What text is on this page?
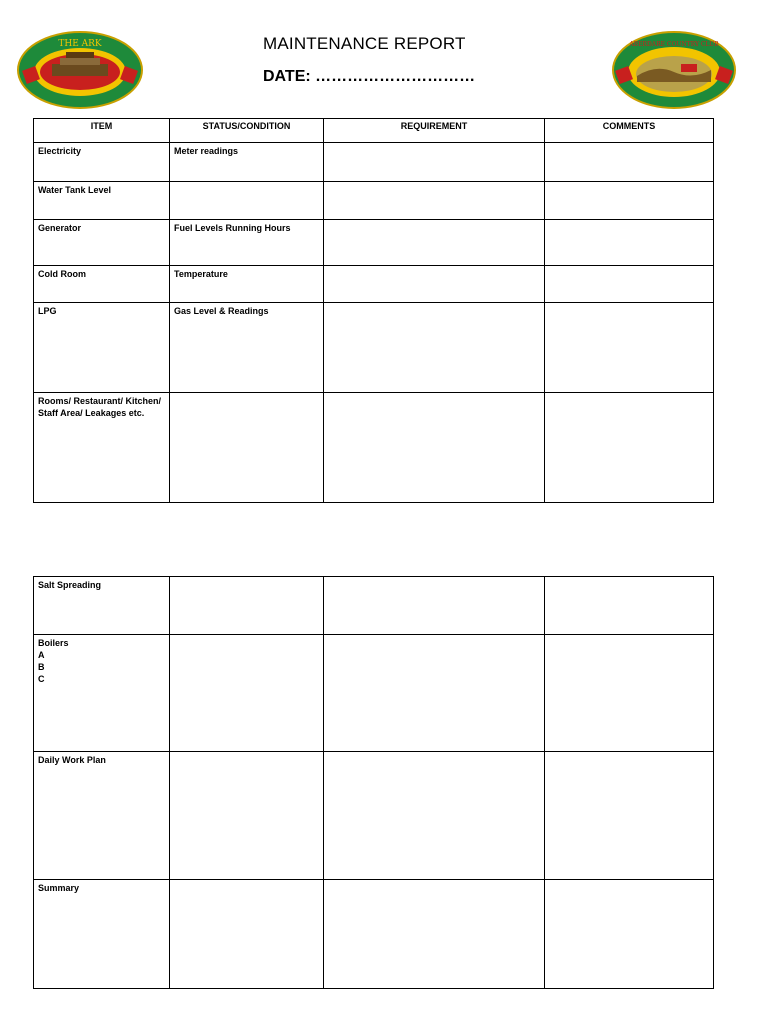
THE ARK	MAINTENANCE REPORT
DATE: …………………………
ABERDARE COUNTRY CLUB
ITEM	STATUS/CONDITION	REQUIREMENT	COMMENTS
Electricity	Meter readings		
Water Tank Level			
Generator	Fuel Levels Running Hours		
Cold Room	Temperature		
LPG	Gas Level & Readings		

Rooms/ Restaurant/ Kitchen/
Staff Area/ Leakages etc.			

Salt Spreading			

Boilers
A
B
C			

Daily Work Plan			
Summary			
